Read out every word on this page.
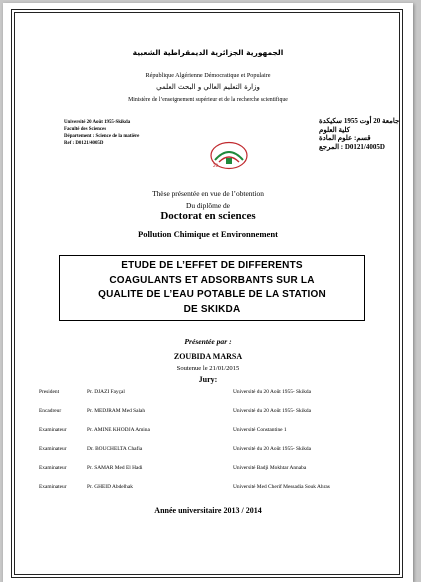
الجمهورية الجزائرية الديمقراطية الشعبية
République Algérienne Démocratique et Populaire
وزارة التعليم العالي و البحث العلمي
Ministère de l’enseignement supérieur et de la recherche scientifique
Université 20 Août 1955-Skikda
Faculté des Sciences
Département : Science de la matière
Ref : D0121/4005D
جامعة 20 أوت 1955 سكيكدة
كلية العلوم
قسم: علوم المادة
D0121/4005D : المرجع
20
Thèse présentée en vue de l’obtention
Du diplôme de
Doctorat en sciences
Pollution Chimique et Environnement
ETUDE DE L’EFFET DE DIFFERENTS
COAGULANTS ET ADSORBANTS SUR LA
QUALITE DE L’EAU POTABLE DE LA STATION
DE SKIKDA
Présentée par :
ZOUBIDA MARSA
Soutenue le 21/01/2015
Jury:
President	Pr. DJAZI Fayçal	Université du 20 Août 1955- Skikda
Encadreur	Pr. MEDJRAM Med Salah	Université du 20 Août 1955- Skikda
Examinateur	Pr. AMINE KHODJA Amina	Université Constantine 1
Examinateur	Dr. BOUCHELTA Chafia	Université du 20 Août 1955- Skikda
Examinateur	Pr. SAMAR Med El Hadi	Université Badji Mokhtar Annaba
Examinateur	Pr. GHEID Abdelhak	Université Med Cherif Messadia Souk Ahras
Année universitaire 2013 / 2014
